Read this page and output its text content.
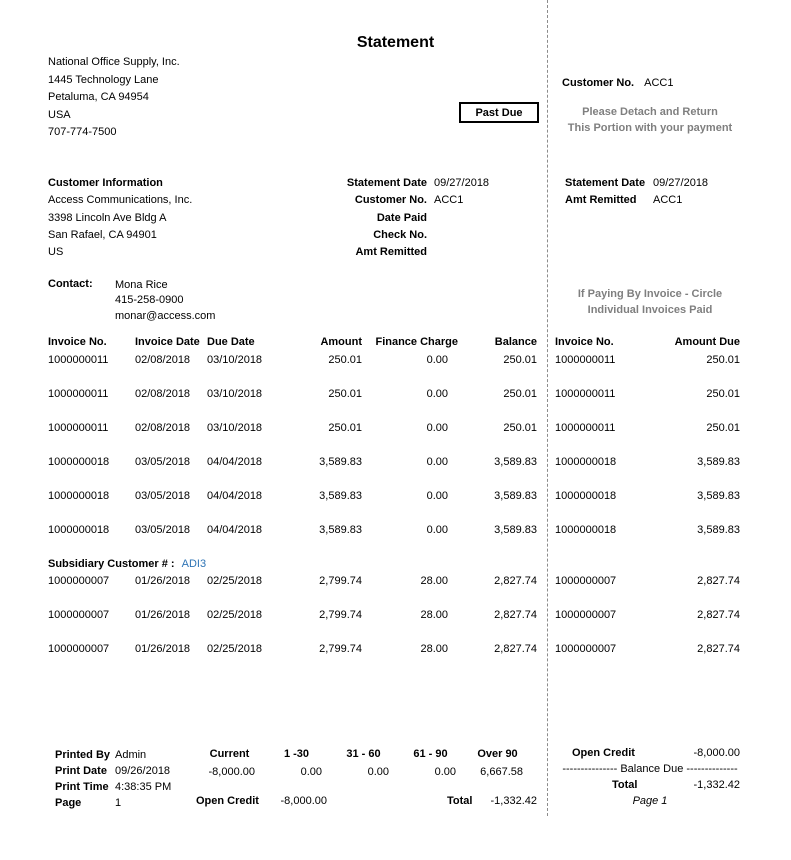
Statement
National Office Supply, Inc.
1445 Technology Lane
Petaluma, CA 94954
USA
707-774-7500
Past Due
Customer No. ACC1
Please Detach and Return
This Portion with your payment
Customer Information
Access Communications, Inc.
3398 Lincoln Ave Bldg A
San Rafael, CA 94901
US
Statement Date 09/27/2018
Customer No. ACC1
Date Paid
Check No.
Amt Remitted
Statement Date 09/27/2018
Amt Remitted ACC1
Contact: Mona Rice
415-258-0900
monar@access.com
If Paying By Invoice - Circle
Individual Invoices Paid
Invoice No.	Invoice Date Due Date	Amount	Finance Charge	Balance Invoice No.	Amount Due
1000000011	02/08/2018	03/10/2018	250.01	0.00	250.01 1000000011	250.01
1000000011	02/08/2018	03/10/2018	250.01	0.00	250.01 1000000011	250.01
1000000011	02/08/2018	03/10/2018	250.01	0.00	250.01 1000000011	250.01
1000000018	03/05/2018	04/04/2018	3,589.83	0.00	3,589.83 1000000018	3,589.83
1000000018	03/05/2018	04/04/2018	3,589.83	0.00	3,589.83 1000000018	3,589.83
1000000018	03/05/2018	04/04/2018	3,589.83	0.00	3,589.83 1000000018	3,589.83
Subsidiary Customer # : ADI3
1000000007	01/26/2018	02/25/2018	2,799.74	28.00	2,827.74 1000000007	2,827.74
1000000007	01/26/2018	02/25/2018	2,799.74	28.00	2,827.74 1000000007	2,827.74
1000000007	01/26/2018	02/25/2018	2,799.74	28.00	2,827.74 1000000007	2,827.74
Printed By Admin
Print Date 09/26/2018
Print Time 4:38:35 PM
Page	1
Current	1 -30	31 - 60	61 - 90	Over 90
-8,000.00	0.00	0.00	0.00	6,667.58
Open Credit	-8,000.00	Total	-1,332.42
Open Credit	-8,000.00
--------------- Balance Due --------------
Total	-1,332.42
Page 1
